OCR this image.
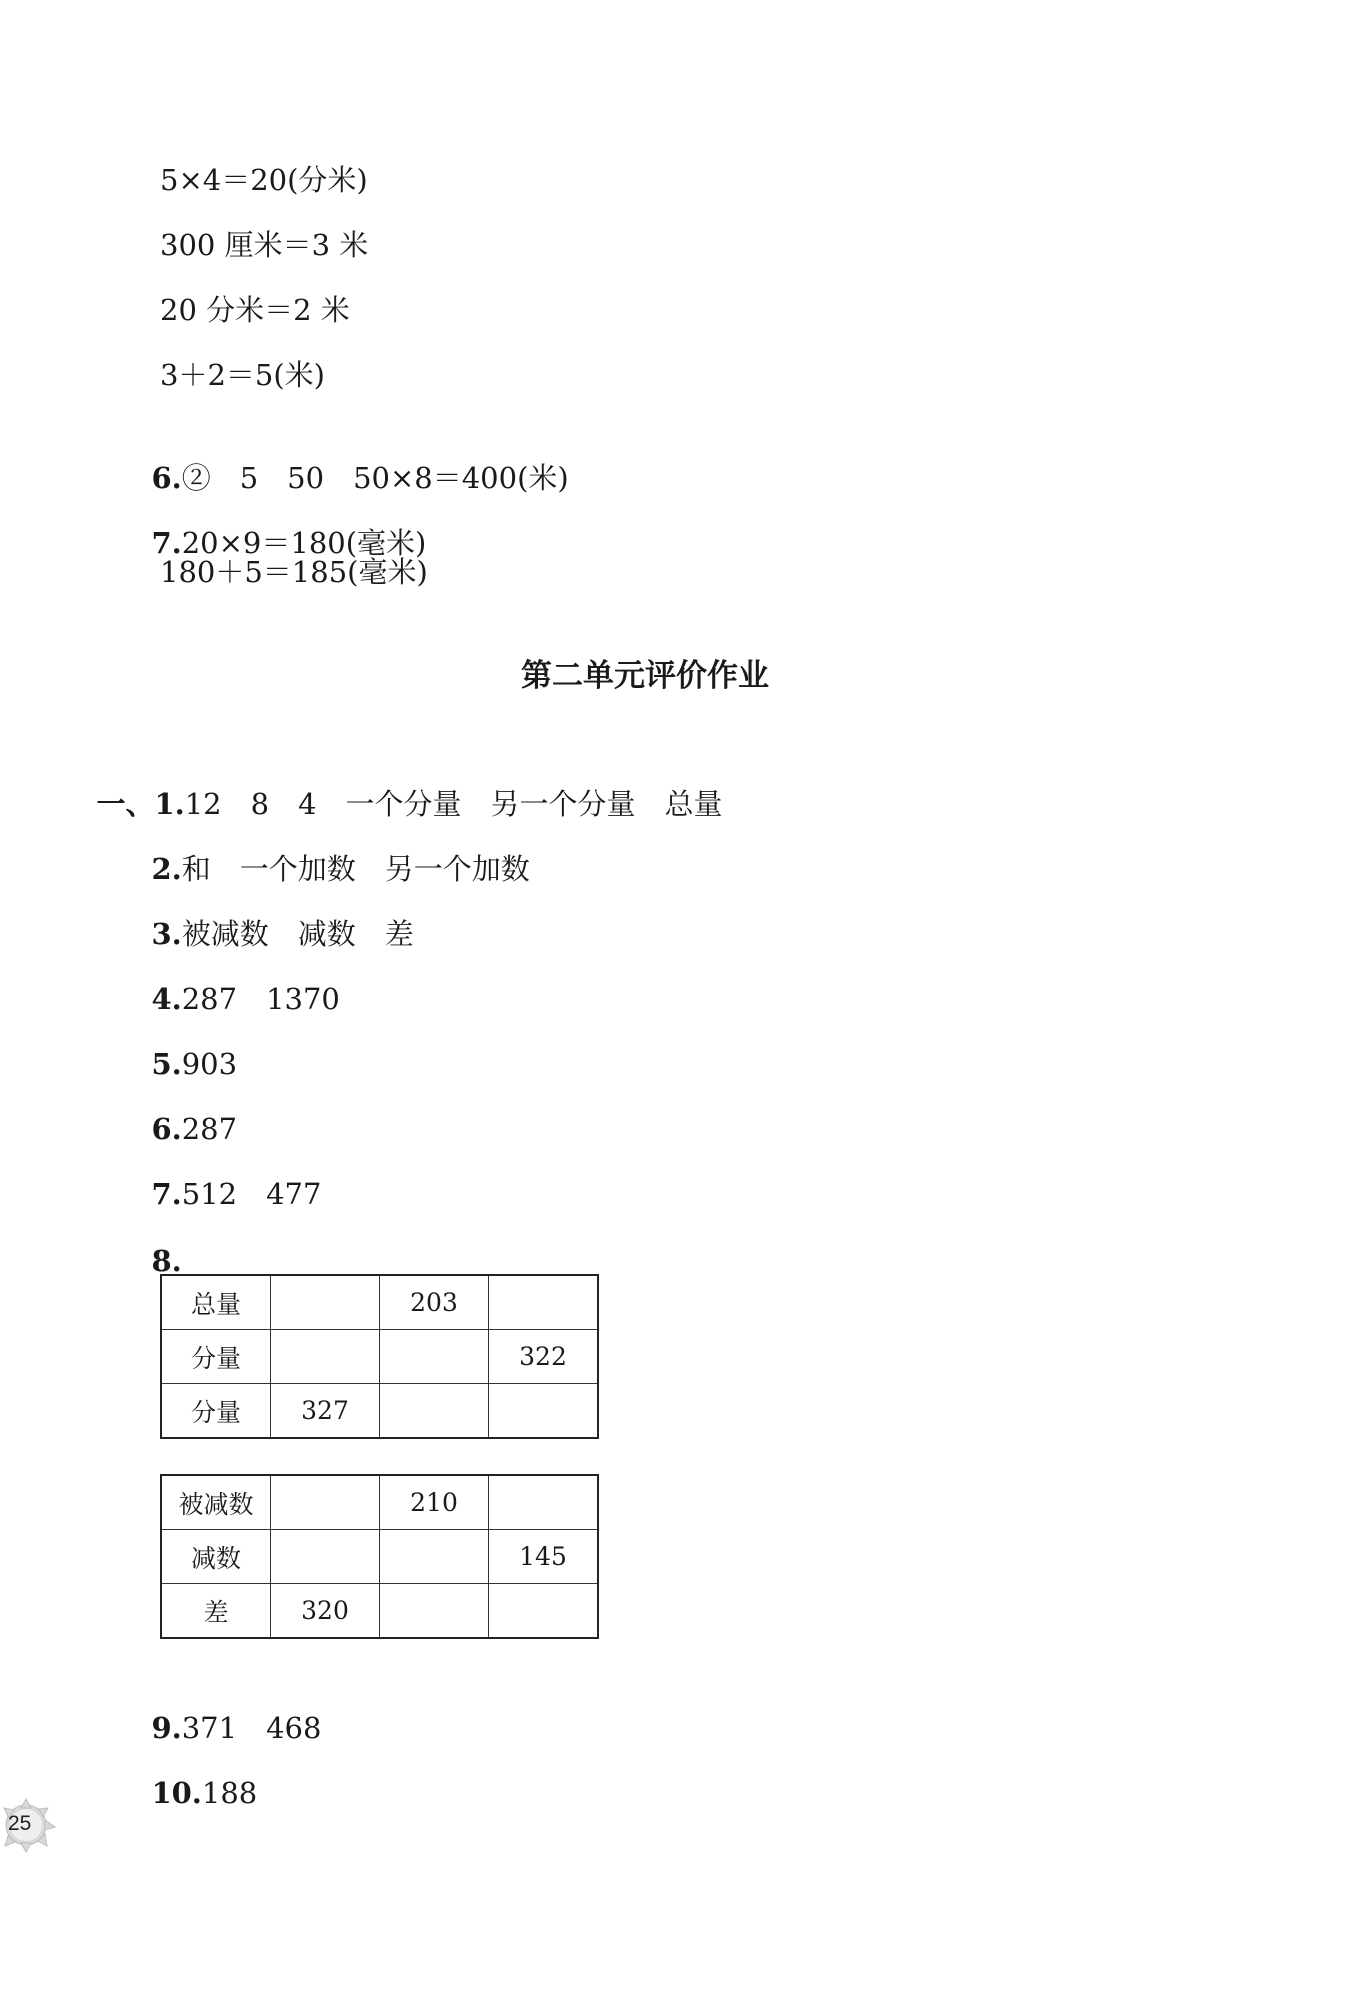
5×4＝20(分米)
300 厘米＝3 米
20 分米＝2 米
3＋2＝5(米)

6.②　5　50　50×8＝400(米)

7.20×9＝180(毫米)

180＋5＝185(毫米)
第二单元评价作业

一、1.12　8　4　一个分量　另一个分量　总量

2.和　一个加数　另一个加数

3.被减数　减数　差

4.287　1370

5.903

6.287

7.512　477

8.

总量		203	
分量			322
分量	327		
被减数		210	
减数			145
差	320		

9.371　468

10.188

25
